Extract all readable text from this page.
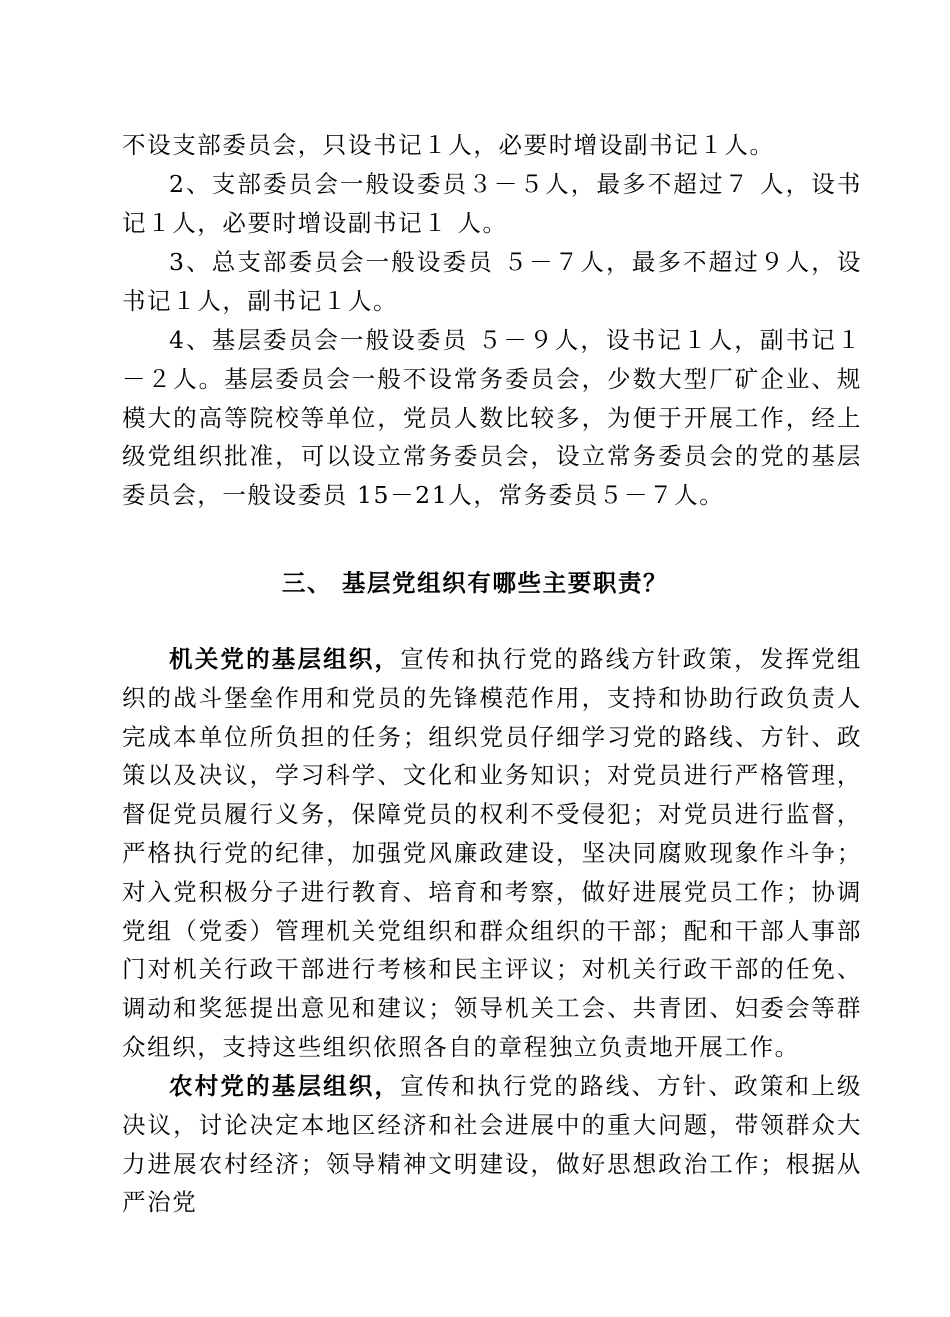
不设支部委员会，只设书记１人，必要时增设副书记１人。

2、支部委员会一般设委员３－５人，最多不超过７ 人，设书记１人，必要时增设副书记１ 人。

3、总支部委员会一般设委员 ５－７人，最多不超过９人，设书记１人，副书记１人。

4、基层委员会一般设委员 ５－９人，设书记１人，副书记１－２人。基层委员会一般不设常务委员会，少数大型厂矿企业、规模大的高等院校等单位，党员人数比较多，为便于开展工作，经上级党组织批准，可以设立常务委员会，设立常务委员会的党的基层委员会，一般设委员 15－21人，常务委员５－７人。

三、 基层党组织有哪些主要职责？

机关党的基层组织，宣传和执行党的路线方针政策，发挥党组织的战斗堡垒作用和党员的先锋模范作用，支持和协助行政负责人完成本单位所负担的任务；组织党员仔细学习党的路线、方针、政策以及决议，学习科学、文化和业务知识；对党员进行严格管理，督促党员履行义务，保障党员的权利不受侵犯；对党员进行监督，严格执行党的纪律，加强党风廉政建设，坚决同腐败现象作斗争；对入党积极分子进行教育、培育和考察，做好进展党员工作；协调党组（党委）管理机关党组织和群众组织的干部；配和干部人事部门对机关行政干部进行考核和民主评议；对机关行政干部的任免、调动和奖惩提出意见和建议；领导机关工会、共青团、妇委会等群众组织，支持这些组织依照各自的章程独立负责地开展工作。

农村党的基层组织，宣传和执行党的路线、方针、政策和上级决议，讨论决定本地区经济和社会进展中的重大问题，带领群众大力进展农村经济；领导精神文明建设，做好思想政治工作；根据从严治党
